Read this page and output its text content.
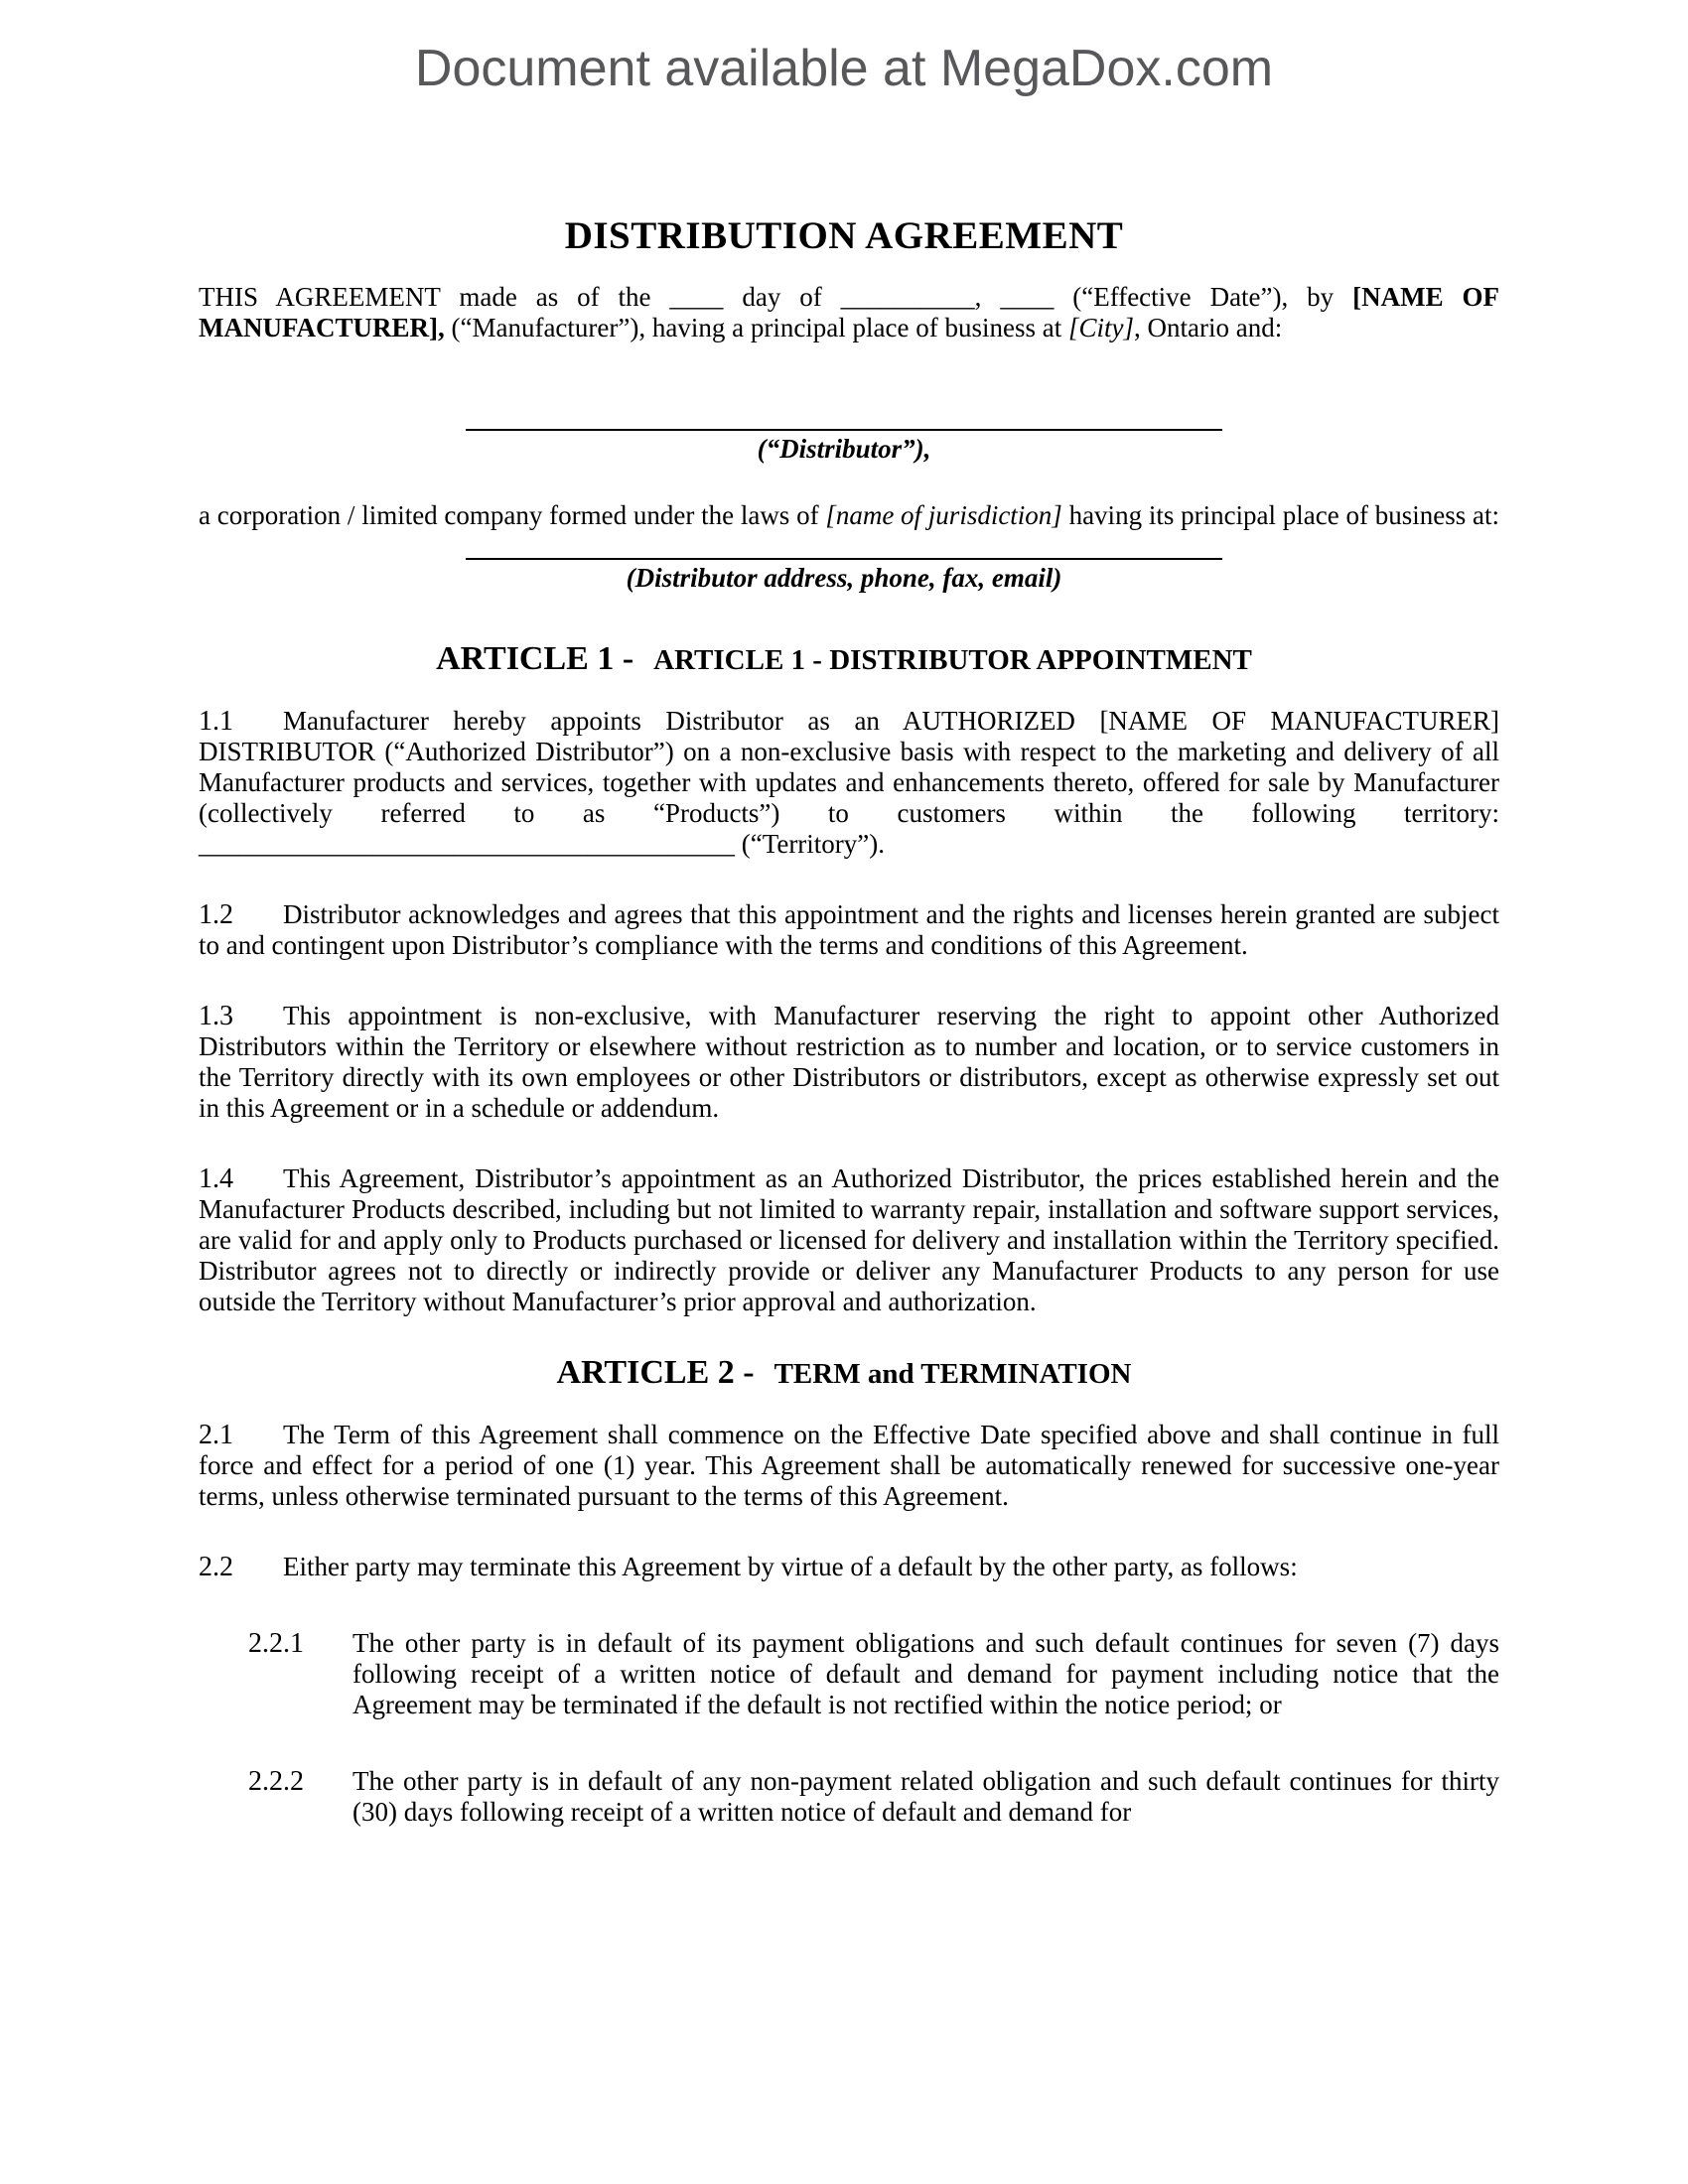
Document available at MegaDox.com
DISTRIBUTION AGREEMENT

THIS AGREEMENT made as of the ____ day of __________, ____ (“Effective Date”), by [NAME OF MANUFACTURER], (“Manufacturer”), having a principal place of business at [City], Ontario and:

(“Distributor”),

a corporation / limited company formed under the laws of [name of jurisdiction] having its principal place of business at:

(Distributor address, phone, fax, email)
ARTICLE 1 - ARTICLE 1 - DISTRIBUTOR APPOINTMENT

1.1 Manufacturer hereby appoints Distributor as an AUTHORIZED [NAME OF MANUFACTURER] DISTRIBUTOR (“Authorized Distributor”) on a non-exclusive basis with respect to the marketing and delivery of all Manufacturer products and services, together with updates and enhancements thereto, offered for sale by Manufacturer (collectively referred to as “Products”) to customers within the following territory: ________________________________________ (“Territory”).

1.2 Distributor acknowledges and agrees that this appointment and the rights and licenses herein granted are subject to and contingent upon Distributor’s compliance with the terms and conditions of this Agreement.

1.3 This appointment is non-exclusive, with Manufacturer reserving the right to appoint other Authorized Distributors within the Territory or elsewhere without restriction as to number and location, or to service customers in the Territory directly with its own employees or other Distributors or distributors, except as otherwise expressly set out in this Agreement or in a schedule or addendum.

1.4 This Agreement, Distributor’s appointment as an Authorized Distributor, the prices established herein and the Manufacturer Products described, including but not limited to warranty repair, installation and software support services, are valid for and apply only to Products purchased or licensed for delivery and installation within the Territory specified. Distributor agrees not to directly or indirectly provide or deliver any Manufacturer Products to any person for use outside the Territory without Manufacturer’s prior approval and authorization.

ARTICLE 2 - TERM and TERMINATION

2.1 The Term of this Agreement shall commence on the Effective Date specified above and shall continue in full force and effect for a period of one (1) year. This Agreement shall be automatically renewed for successive one-year terms, unless otherwise terminated pursuant to the terms of this Agreement.

2.2 Either party may terminate this Agreement by virtue of a default by the other party, as follows:

2.2.1	The other party is in default of its payment obligations and such default continues for seven (7) days following receipt of a written notice of default and demand for payment including notice that the Agreement may be terminated if the default is not rectified within the notice period; or
2.2.2	The other party is in default of any non-payment related obligation and such default continues for thirty (30) days following receipt of a written notice of default and demand for
